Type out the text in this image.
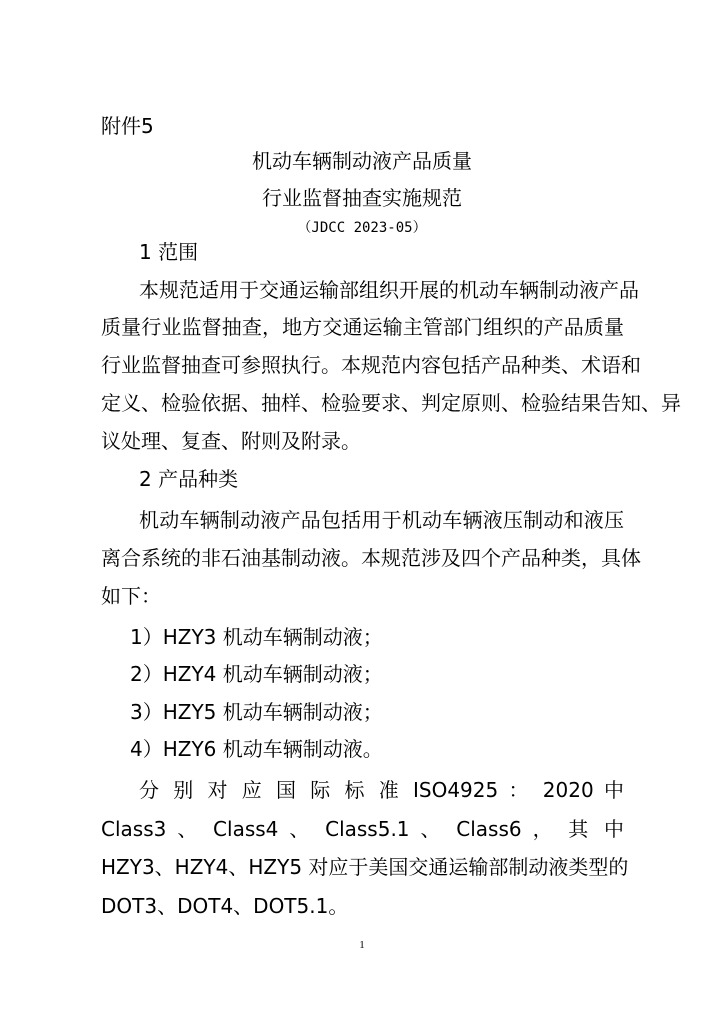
附件5
机动车辆制动液产品质量
行业监督抽查实施规范
（JDCC 2023-05）
1 范围
本规范适用于交通运输部组织开展的机动车辆制动液产品
质量行业监督抽查，地方交通运输主管部门组织的产品质量
行业监督抽查可参照执行。本规范内容包括产品种类、术语和
定义、检验依据、抽样、检验要求、判定原则、检验结果告知、异
议处理、复查、附则及附录。
2 产品种类
机动车辆制动液产品包括用于机动车辆液压制动和液压
离合系统的非石油基制动液。本规范涉及四个产品种类，具体
如下：
1）HZY3 机动车辆制动液；
2）HZY4 机动车辆制动液；
3）HZY5 机动车辆制动液；
4）HZY6 机动车辆制动液。
分 别 对 应 国 际 标 准 ISO4925 ： 2020 中
Class3 、 Class4 、 Class5.1 、 Class6 ， 其 中
HZY3、HZY4、HZY5 对应于美国交通运输部制动液类型的
DOT3、DOT4、DOT5.1。
1
